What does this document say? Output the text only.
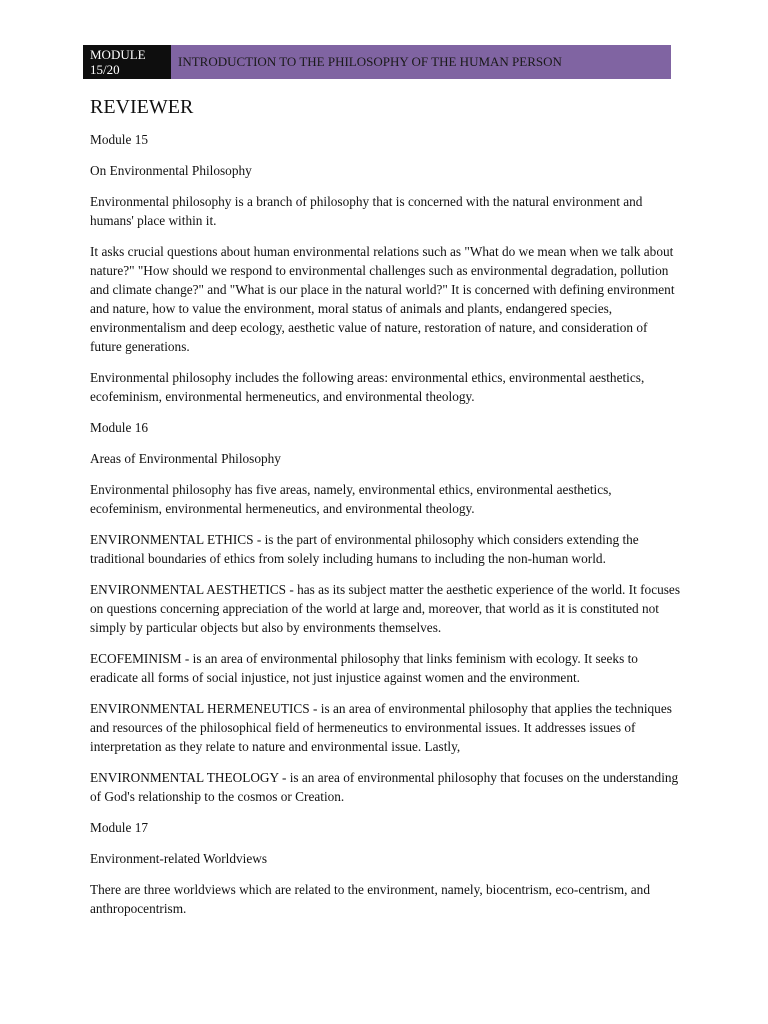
MODULE
15/20
INTRODUCTION TO THE PHILOSOPHY OF THE HUMAN PERSON
REVIEWER

Module 15

On Environmental Philosophy

Environmental philosophy is a branch of philosophy that is concerned with the natural environment and humans' place within it.

It asks crucial questions about human environmental relations such as "What do we mean when we talk about nature?" "How should we respond to environmental challenges such as environmental degradation, pollution and climate change?" and "What is our place in the natural world?" It is concerned with defining environment and nature, how to value the environment, moral status of animals and plants, endangered species, environmentalism and deep ecology, aesthetic value of nature, restoration of nature, and consideration of future generations.

Environmental philosophy includes the following areas: environmental ethics, environmental aesthetics, ecofeminism, environmental hermeneutics, and environmental theology.

Module 16

Areas of Environmental Philosophy

Environmental philosophy has five areas, namely, environmental ethics, environmental aesthetics, ecofeminism, environmental hermeneutics, and environmental theology.

ENVIRONMENTAL ETHICS - is the part of environmental philosophy which considers extending the traditional boundaries of ethics from solely including humans to including the non-human world.

ENVIRONMENTAL AESTHETICS - has as its subject matter the aesthetic experience of the world. It focuses on questions concerning appreciation of the world at large and, moreover, that world as it is constituted not simply by particular objects but also by environments themselves.

ECOFEMINISM - is an area of environmental philosophy that links feminism with ecology. It seeks to eradicate all forms of social injustice, not just injustice against women and the environment.

ENVIRONMENTAL HERMENEUTICS - is an area of environmental philosophy that applies the techniques and resources of the philosophical field of hermeneutics to environmental issues. It addresses issues of interpretation as they relate to nature and environmental issue. Lastly,

ENVIRONMENTAL THEOLOGY - is an area of environmental philosophy that focuses on the understanding of God's relationship to the cosmos or Creation.

Module 17

Environment-related Worldviews

There are three worldviews which are related to the environment, namely, biocentrism, eco-centrism, and anthropocentrism.
